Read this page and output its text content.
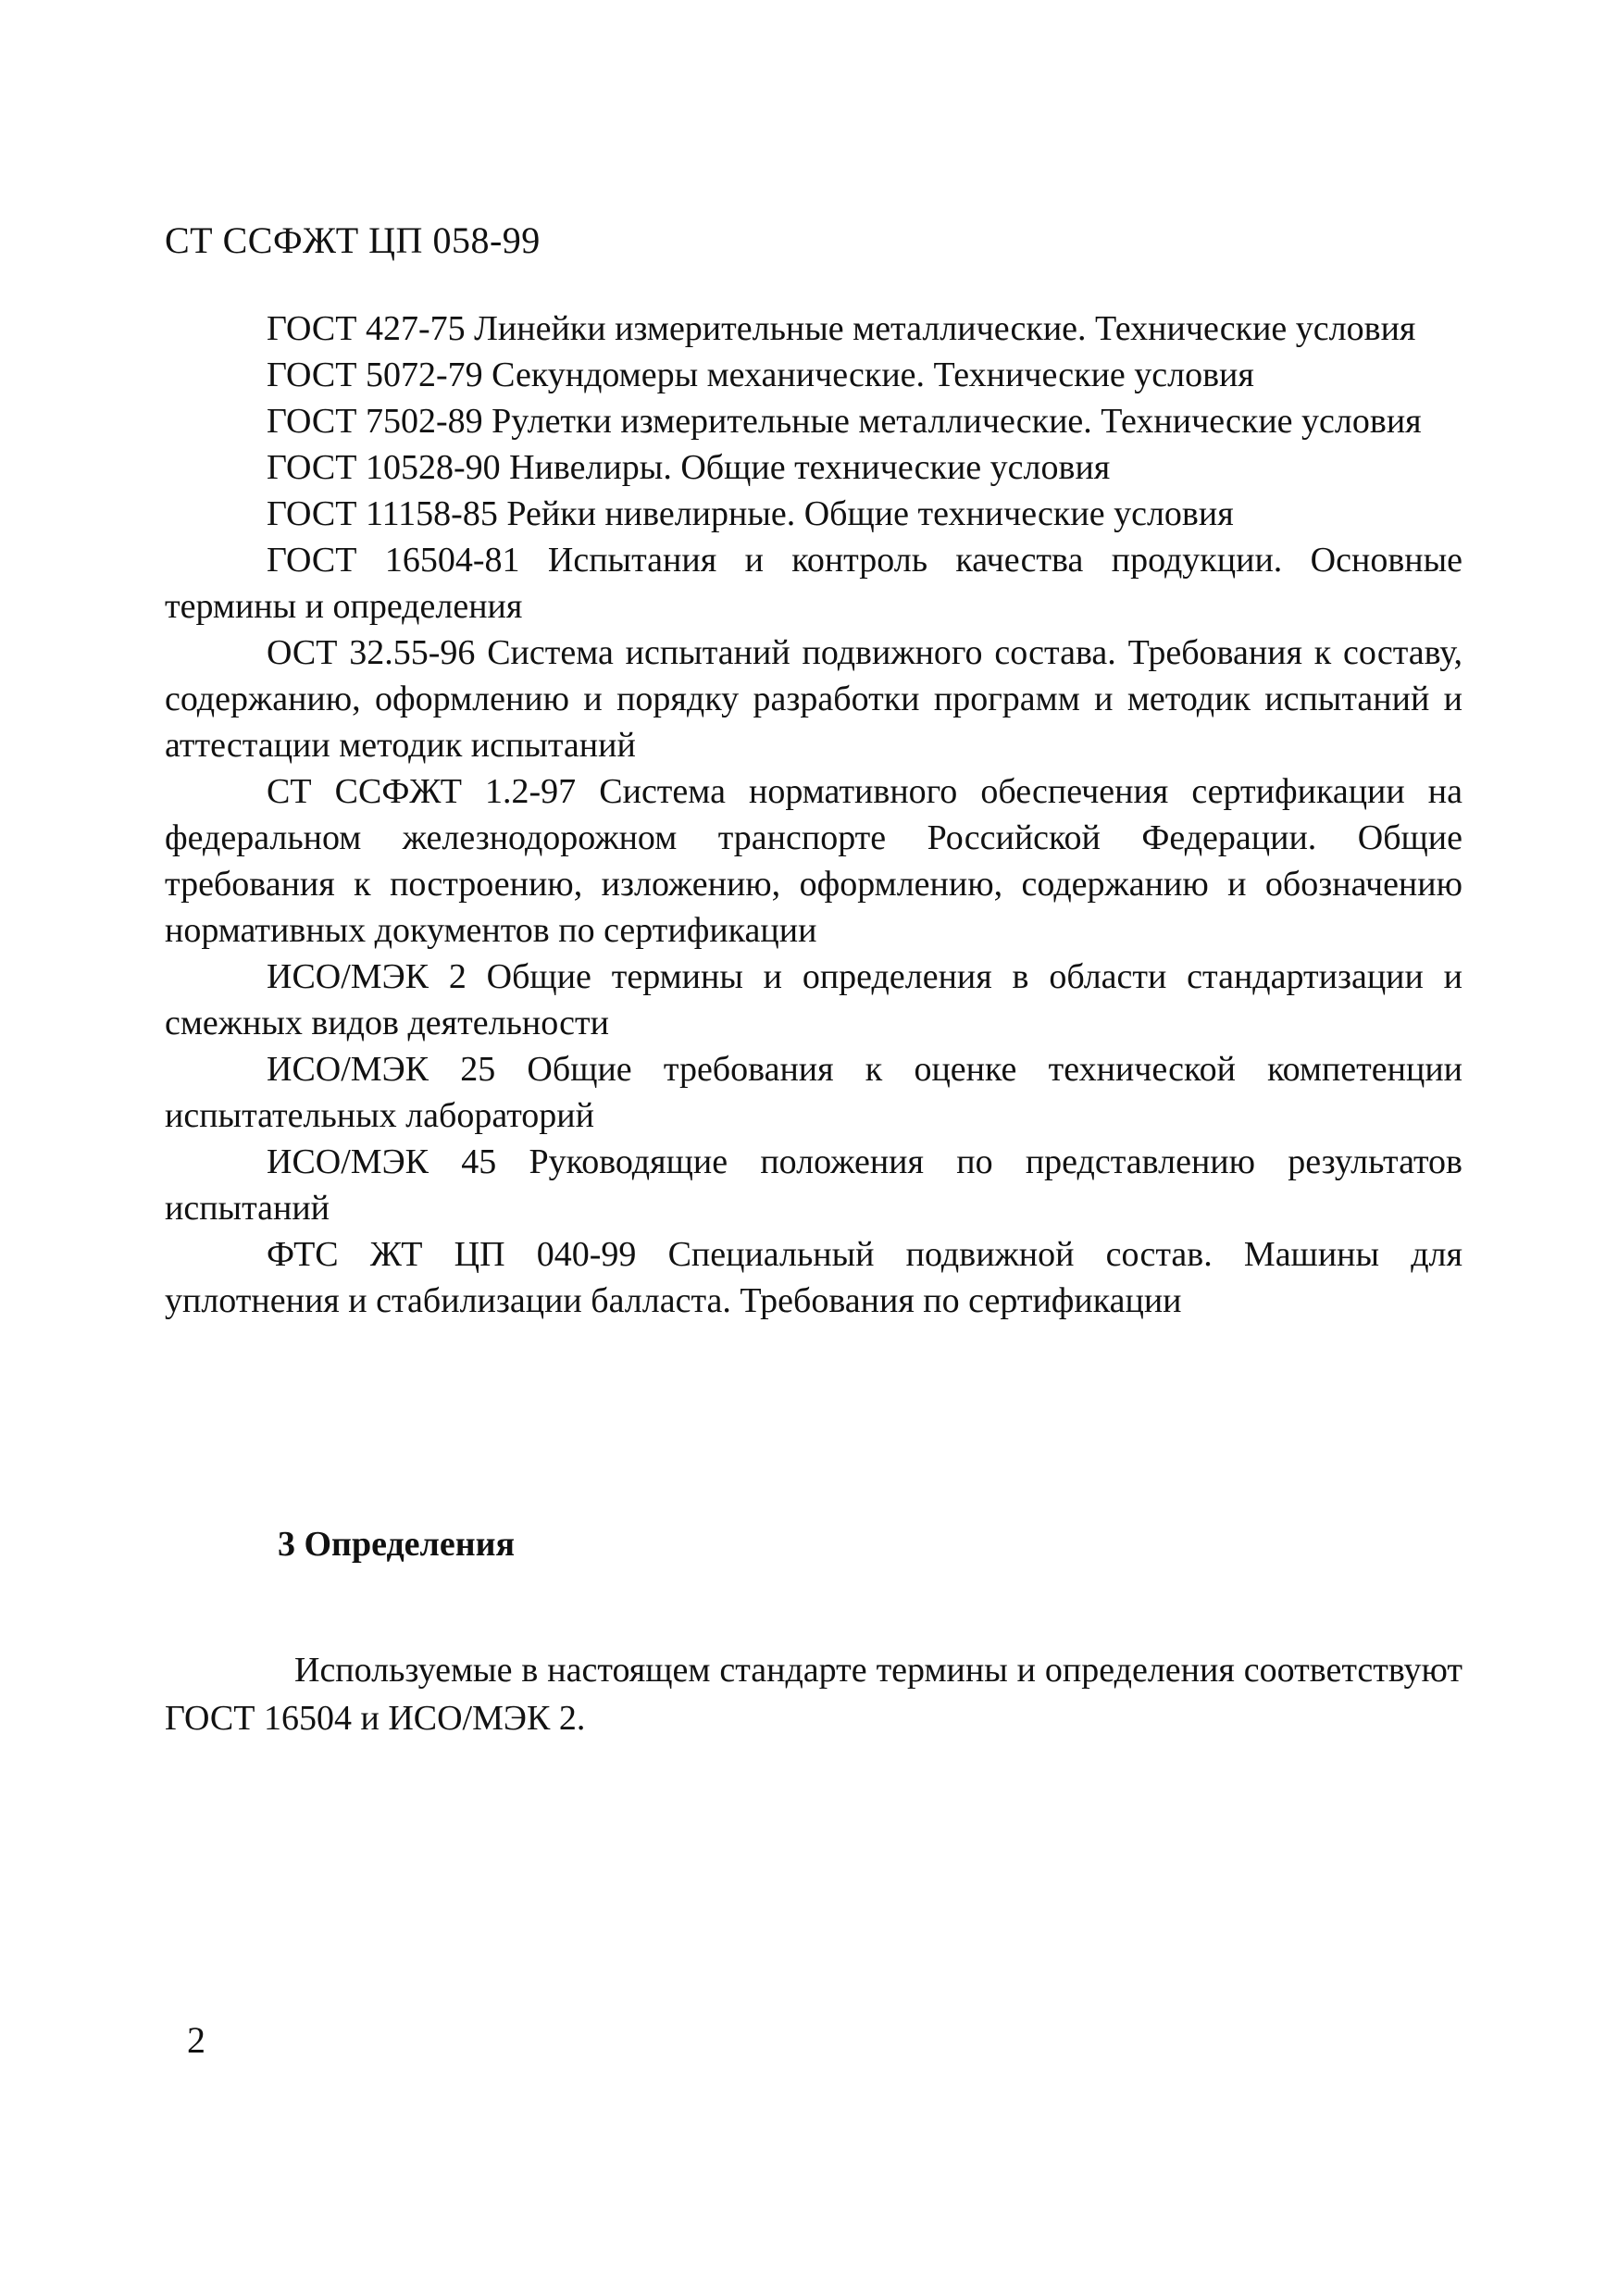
СТ ССФЖТ ЦП 058-99

ГОСТ 427-75 Линейки измерительные металлические. Технические условия

ГОСТ 5072-79 Секундомеры механические. Технические условия

ГОСТ 7502-89 Рулетки измерительные металлические. Технические условия

ГОСТ 10528-90 Нивелиры. Общие технические условия

ГОСТ 11158-85 Рейки нивелирные. Общие технические условия

ГОСТ 16504-81 Испытания и контроль качества продукции. Основные термины и определения

ОСТ 32.55-96 Система испытаний подвижного состава. Требования к составу, содержанию, оформлению и порядку разработки программ и методик испытаний и аттестации методик испытаний

СТ ССФЖТ 1.2-97 Система нормативного обеспечения сертификации на федеральном железнодорожном транспорте Российской Федерации. Общие требования к построению, изложению, оформлению, содержанию и обозначению нормативных документов по сертификации

ИСО/МЭК 2 Общие термины и определения в области стандартизации и смежных видов деятельности

ИСО/МЭК 25 Общие требования к оценке технической компетенции испытательных лабораторий

ИСО/МЭК 45 Руководящие положения по представлению результатов испытаний

ФТС ЖТ ЦП 040-99 Специальный подвижной состав. Машины для уплотнения и стабилизации балласта. Требования по сертификации

3 Определения

Используемые в настоящем стандарте термины и определения соответствуют ГОСТ 16504 и ИСО/МЭК 2.

2
